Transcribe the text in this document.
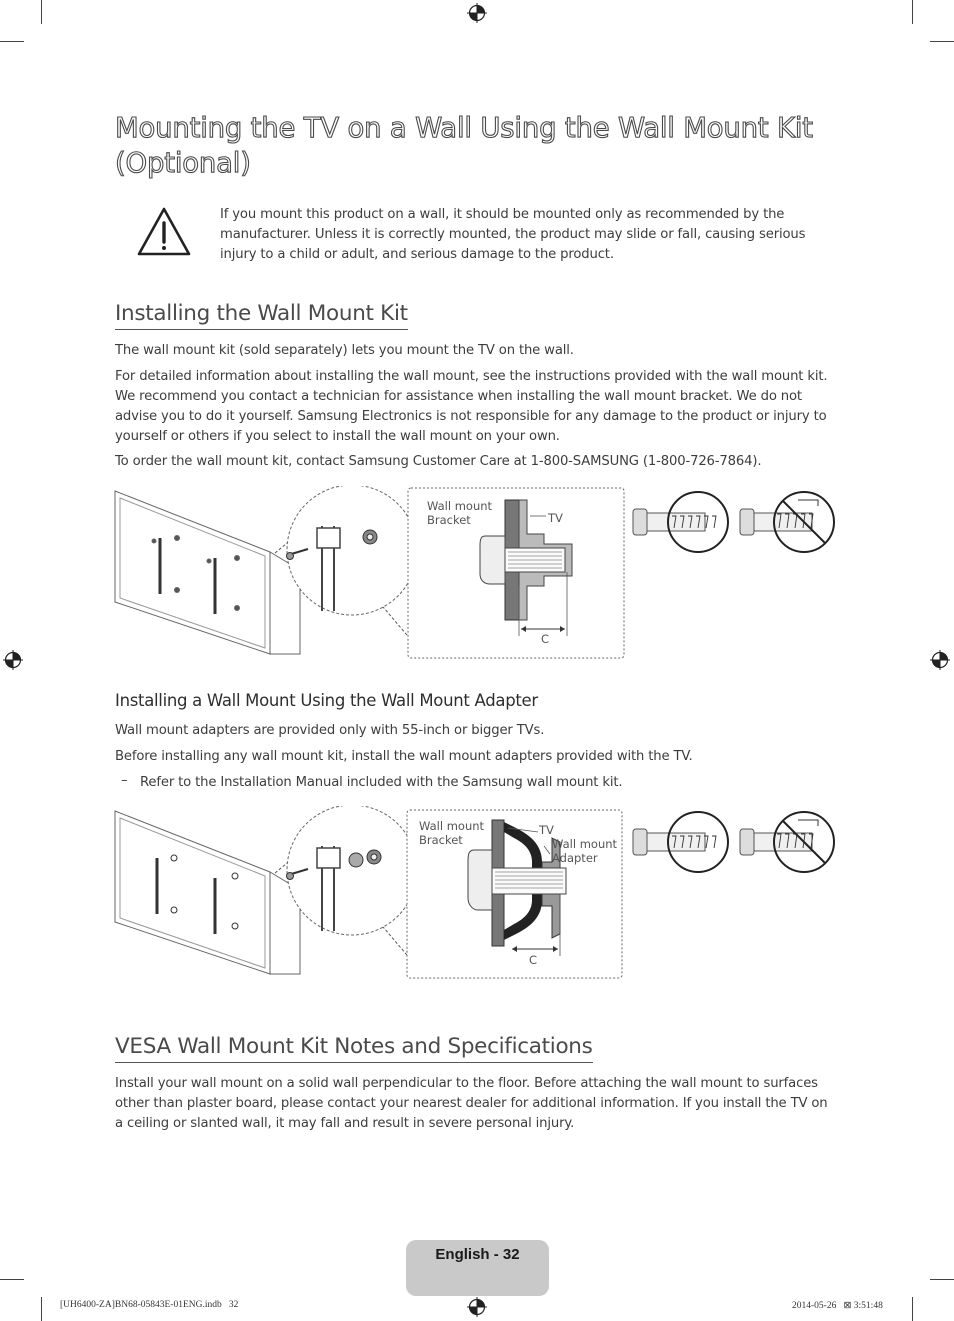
Mounting the TV on a Wall Using the Wall Mount Kit (Optional)

If you mount this product on a wall, it should be mounted only as recommended by the manufacturer. Unless it is correctly mounted, the product may slide or fall, causing serious injury to a child or adult, and serious damage to the product.

Installing the Wall Mount Kit

The wall mount kit (sold separately) lets you mount the TV on the wall.

For detailed information about installing the wall mount, see the instructions provided with the wall mount kit. We recommend you contact a technician for assistance when installing the wall mount bracket. We do not advise you to do it yourself. Samsung Electronics is not responsible for any damage to the product or injury to yourself or others if you select to install the wall mount on your own.

To order the wall mount kit, contact Samsung Customer Care at 1-800-SAMSUNG (1-800-726-7864).

Wall mount
Bracket	TV
C
Installing a Wall Mount Using the Wall Mount Adapter

Wall mount adapters are provided only with 55-inch or bigger TVs.

Before installing any wall mount kit, install the wall mount adapters provided with the TV.

– Refer to the Installation Manual included with the Samsung wall mount kit.

Wall mount
Bracket
TV
Wall mount
Adapter
C
VESA Wall Mount Kit Notes and Specifications

Install your wall mount on a solid wall perpendicular to the floor. Before attaching the wall mount to surfaces other than plaster board, please contact your nearest dealer for additional information. If you install the TV on a ceiling or slanted wall, it may fall and result in severe personal injury.

English - 32
[UH6400-ZA]BN68-05843E-01ENG.indb   32	2014-05-26   ⊠ 3:51:48
